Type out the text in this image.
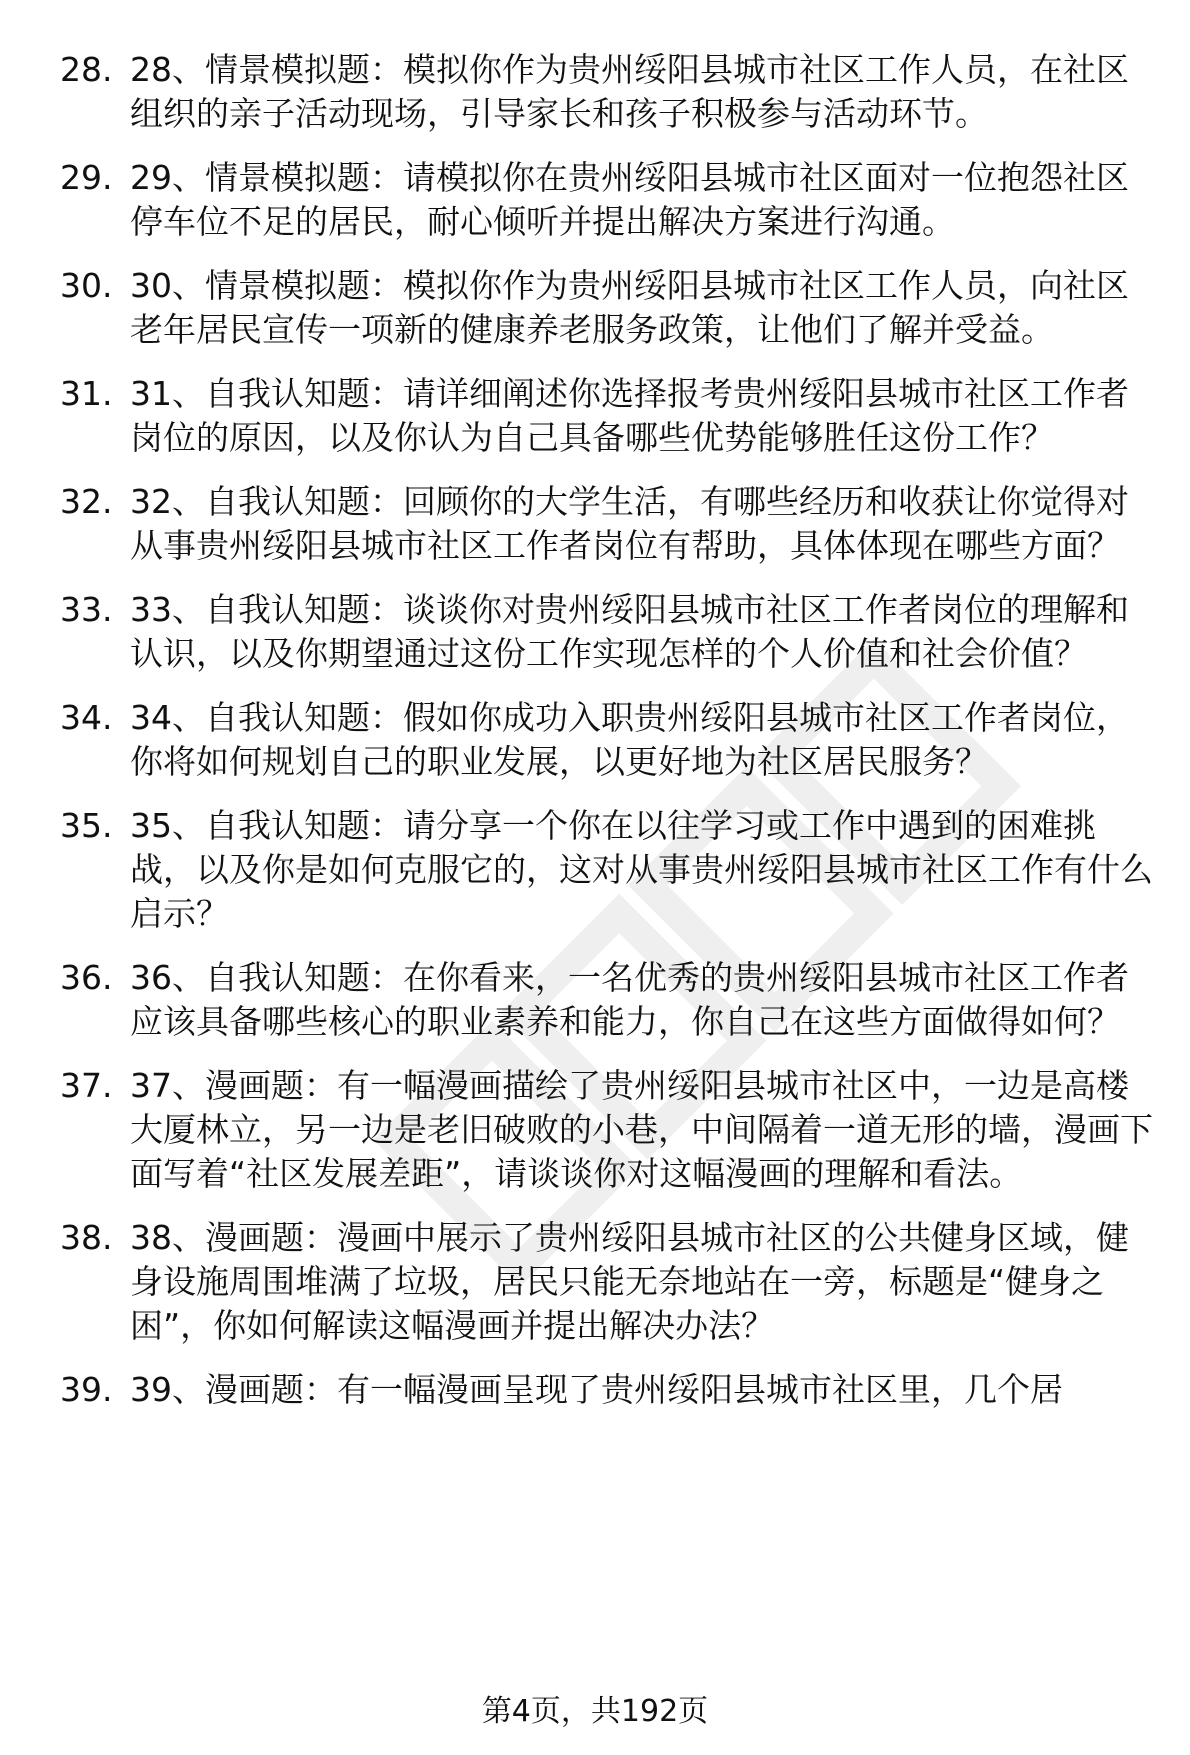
28. 28、情景模拟题：模拟你作为贵州绥阳县城市社区工作人员，在社区组织的亲子活动现场，引导家长和孩子积极参与活动环节。
29. 29、情景模拟题：请模拟你在贵州绥阳县城市社区面对一位抱怨社区停车位不足的居民，耐心倾听并提出解决方案进行沟通。
30. 30、情景模拟题：模拟你作为贵州绥阳县城市社区工作人员，向社区老年居民宣传一项新的健康养老服务政策，让他们了解并受益。
31. 31、自我认知题：请详细阐述你选择报考贵州绥阳县城市社区工作者岗位的原因，以及你认为自己具备哪些优势能够胜任这份工作？
32. 32、自我认知题：回顾你的大学生活，有哪些经历和收获让你觉得对从事贵州绥阳县城市社区工作者岗位有帮助，具体体现在哪些方面？
33. 33、自我认知题：谈谈你对贵州绥阳县城市社区工作者岗位的理解和认识，以及你期望通过这份工作实现怎样的个人价值和社会价值？
34. 34、自我认知题：假如你成功入职贵州绥阳县城市社区工作者岗位，你将如何规划自己的职业发展，以更好地为社区居民服务？
35. 35、自我认知题：请分享一个你在以往学习或工作中遇到的困难挑战，以及你是如何克服它的，这对从事贵州绥阳县城市社区工作有什么启示？
36. 36、自我认知题：在你看来，一名优秀的贵州绥阳县城市社区工作者应该具备哪些核心的职业素养和能力，你自己在这些方面做得如何？
37. 37、漫画题：有一幅漫画描绘了贵州绥阳县城市社区中，一边是高楼大厦林立，另一边是老旧破败的小巷，中间隔着一道无形的墙，漫画下面写着“社区发展差距”，请谈谈你对这幅漫画的理解和看法。
38. 38、漫画题：漫画中展示了贵州绥阳县城市社区的公共健身区域，健身设施周围堆满了垃圾，居民只能无奈地站在一旁，标题是“健身之困”，你如何解读这幅漫画并提出解决办法？
39. 39、漫画题：有一幅漫画呈现了贵州绥阳县城市社区里，几个居
第4页，共192页
